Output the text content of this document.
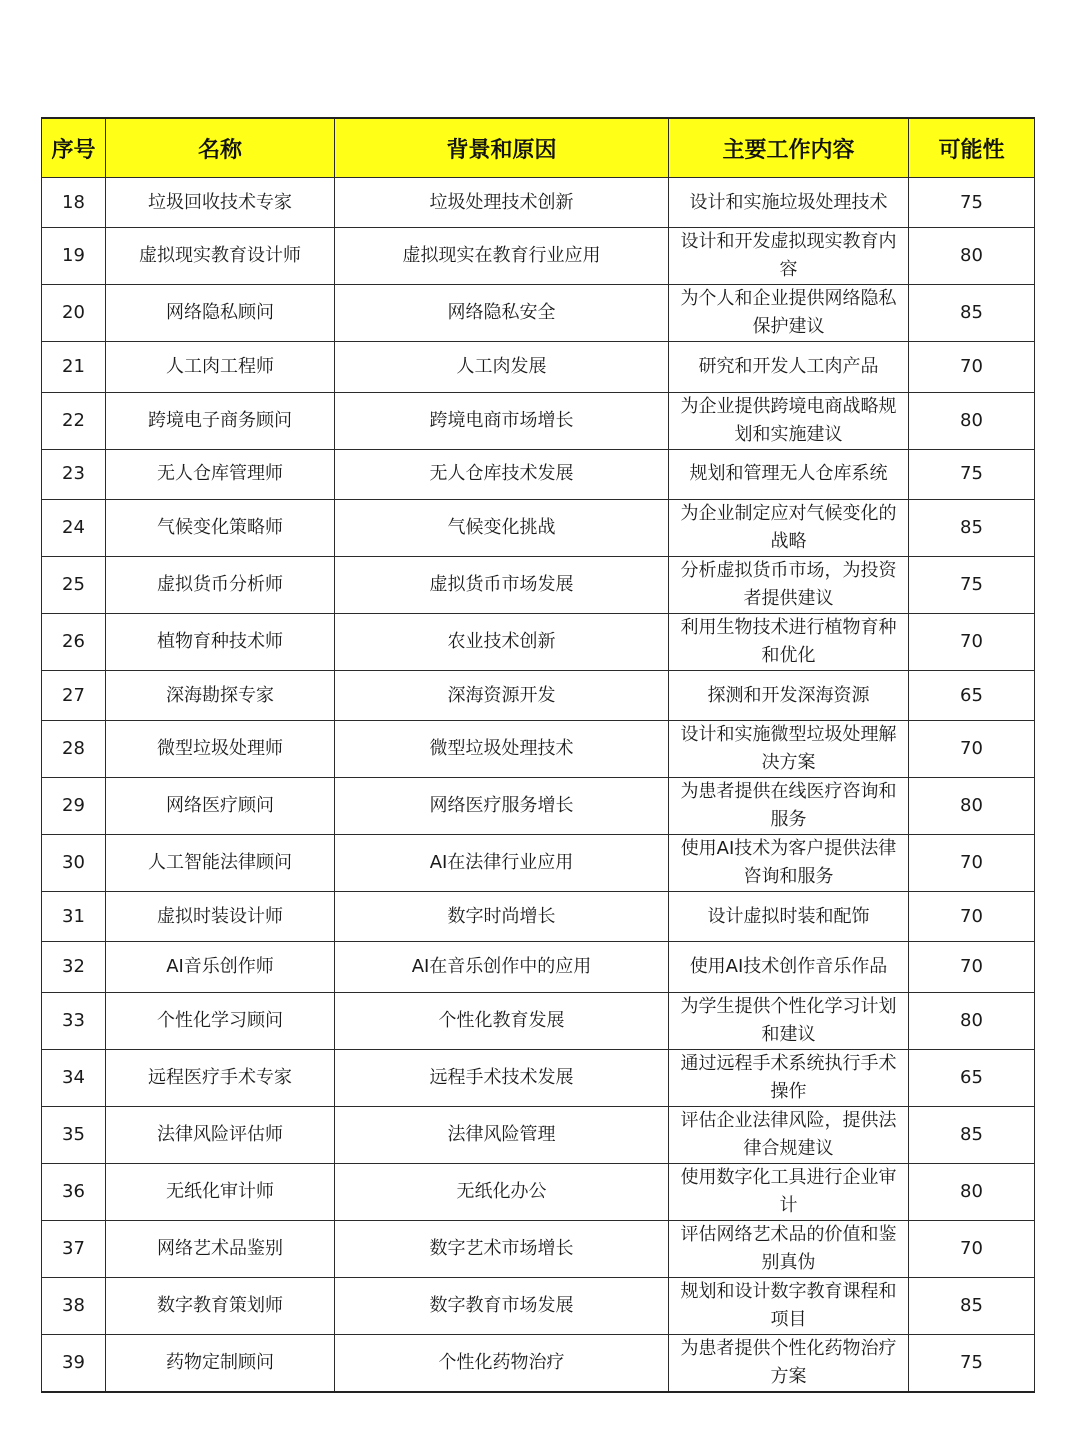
序号	名称	背景和原因	主要工作内容	可能性
18	垃圾回收技术专家	垃圾处理技术创新	设计和实施垃圾处理技术	75
19	虚拟现实教育设计师	虚拟现实在教育行业应用	设计和开发虚拟现实教育内容	80
20	网络隐私顾问	网络隐私安全	为个人和企业提供网络隐私保护建议	85
21	人工肉工程师	人工肉发展	研究和开发人工肉产品	70
22	跨境电子商务顾问	跨境电商市场增长	为企业提供跨境电商战略规划和实施建议	80
23	无人仓库管理师	无人仓库技术发展	规划和管理无人仓库系统	75
24	气候变化策略师	气候变化挑战	为企业制定应对气候变化的战略	85
25	虚拟货币分析师	虚拟货币市场发展	分析虚拟货币市场，为投资者提供建议	75
26	植物育种技术师	农业技术创新	利用生物技术进行植物育种和优化	70
27	深海勘探专家	深海资源开发	探测和开发深海资源	65
28	微型垃圾处理师	微型垃圾处理技术	设计和实施微型垃圾处理解决方案	70
29	网络医疗顾问	网络医疗服务增长	为患者提供在线医疗咨询和服务	80
30	人工智能法律顾问	AI在法律行业应用	使用AI技术为客户提供法律咨询和服务	70
31	虚拟时装设计师	数字时尚增长	设计虚拟时装和配饰	70
32	AI音乐创作师	AI在音乐创作中的应用	使用AI技术创作音乐作品	70
33	个性化学习顾问	个性化教育发展	为学生提供个性化学习计划和建议	80
34	远程医疗手术专家	远程手术技术发展	通过远程手术系统执行手术操作	65
35	法律风险评估师	法律风险管理	评估企业法律风险，提供法律合规建议	85
36	无纸化审计师	无纸化办公	使用数字化工具进行企业审计	80
37	网络艺术品鉴别	数字艺术市场增长	评估网络艺术品的价值和鉴别真伪	70
38	数字教育策划师	数字教育市场发展	规划和设计数字教育课程和项目	85
39	药物定制顾问	个性化药物治疗	为患者提供个性化药物治疗方案	75
